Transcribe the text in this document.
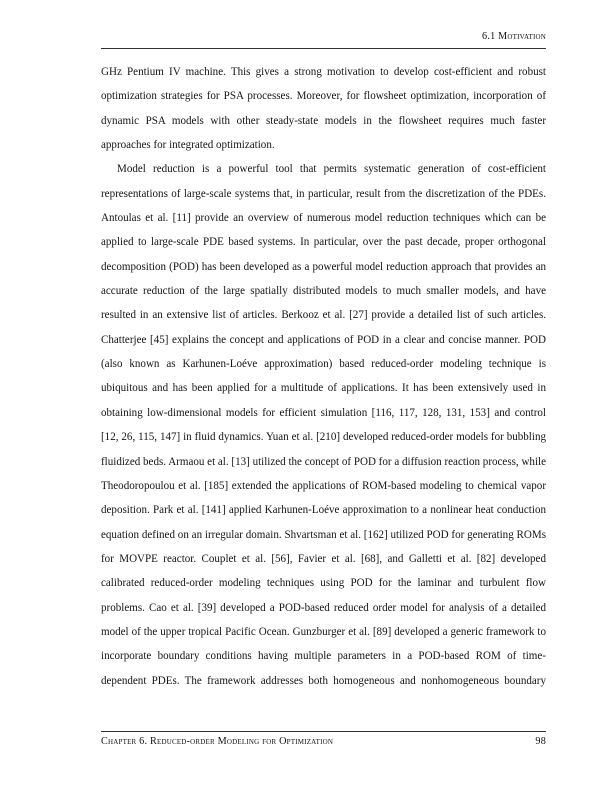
6.1 Motivation

GHz Pentium IV machine. This gives a strong motivation to develop cost-efficient and robust optimization strategies for PSA processes. Moreover, for flowsheet optimization, incorporation of dynamic PSA models with other steady-state models in the flowsheet requires much faster approaches for integrated optimization.

Model reduction is a powerful tool that permits systematic generation of cost-efficient representations of large-scale systems that, in particular, result from the discretization of the PDEs. Antoulas et al. [11] provide an overview of numerous model reduction techniques which can be applied to large-scale PDE based systems. In particular, over the past decade, proper orthogonal decomposition (POD) has been developed as a powerful model reduction approach that provides an accurate reduction of the large spatially distributed models to much smaller models, and have resulted in an extensive list of articles. Berkooz et al. [27] provide a detailed list of such articles. Chatterjee [45] explains the concept and applications of POD in a clear and concise manner. POD (also known as Karhunen-Loéve approximation) based reduced-order modeling technique is ubiquitous and has been applied for a multitude of applications. It has been extensively used in obtaining low-dimensional models for efficient simulation [116, 117, 128, 131, 153] and control [12, 26, 115, 147] in fluid dynamics. Yuan et al. [210] developed reduced-order models for bubbling fluidized beds. Armaou et al. [13] utilized the concept of POD for a diffusion reaction process, while Theodoropoulou et al. [185] extended the applications of ROM-based modeling to chemical vapor deposition. Park et al. [141] applied Karhunen-Loéve approximation to a nonlinear heat conduction equation defined on an irregular domain. Shvartsman et al. [162] utilized POD for generating ROMs for MOVPE reactor. Couplet et al. [56], Favier et al. [68], and Galletti et al. [82] developed calibrated reduced-order modeling techniques using POD for the laminar and turbulent flow problems. Cao et al. [39] developed a POD-based reduced order model for analysis of a detailed model of the upper tropical Pacific Ocean. Gunzburger et al. [89] developed a generic framework to incorporate boundary conditions having multiple parameters in a POD-based ROM of time-dependent PDEs. The framework addresses both homogeneous and nonhomogeneous boundary

Chapter 6. Reduced-order Modeling for Optimization	98
